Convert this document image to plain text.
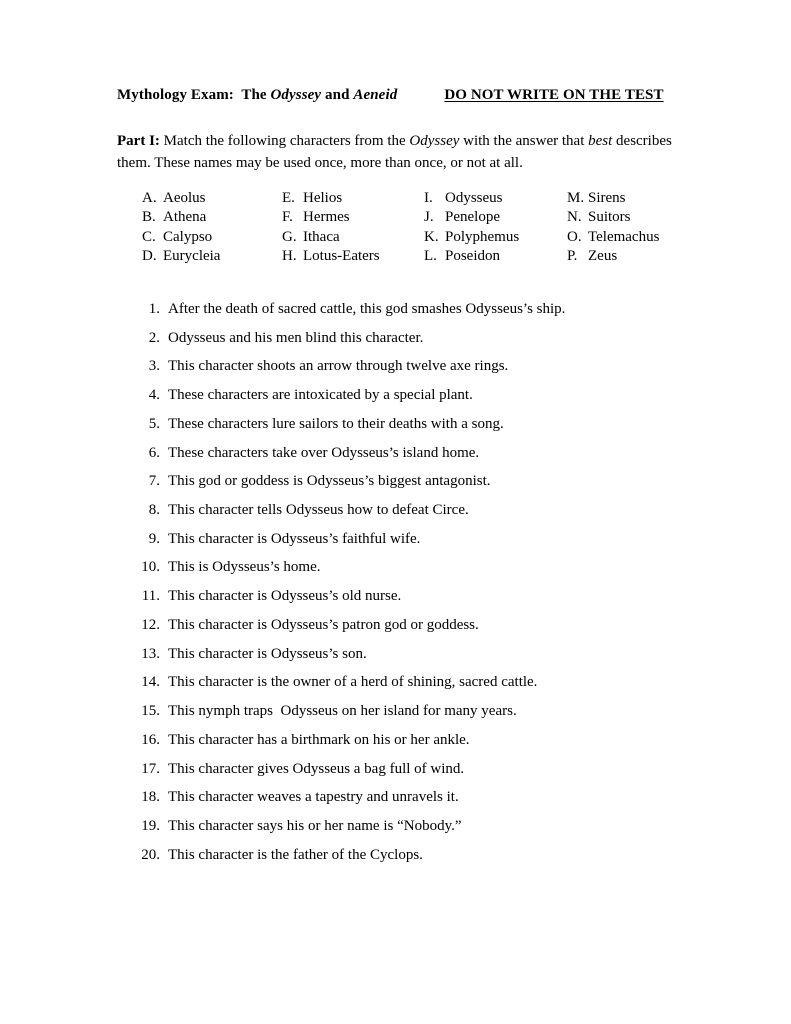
Mythology Exam:  The Odyssey and Aeneid	DO NOT WRITE ON THE TEST
Part I: Match the following characters from the Odyssey with the answer that best describes them. These names may be used once, more than once, or not at all.
A. Aeolus
B. Athena
C. Calypso
D. Eurycleia
E. Helios
F. Hermes
G. Ithaca
H. Lotus-Eaters
I. Odysseus
J. Penelope
K. Polyphemus
L. Poseidon
M. Sirens
N. Suitors
O. Telemachus
P. Zeus
1. After the death of sacred cattle, this god smashes Odysseus’s ship.
2. Odysseus and his men blind this character.
3. This character shoots an arrow through twelve axe rings.
4. These characters are intoxicated by a special plant.
5. These characters lure sailors to their deaths with a song.
6. These characters take over Odysseus’s island home.
7. This god or goddess is Odysseus’s biggest antagonist.
8. This character tells Odysseus how to defeat Circe.
9. This character is Odysseus’s faithful wife.
10. This is Odysseus’s home.
11. This character is Odysseus’s old nurse.
12. This character is Odysseus’s patron god or goddess.
13. This character is Odysseus’s son.
14. This character is the owner of a herd of shining, sacred cattle.
15. This nymph traps  Odysseus on her island for many years.
16. This character has a birthmark on his or her ankle.
17. This character gives Odysseus a bag full of wind.
18. This character weaves a tapestry and unravels it.
19. This character says his or her name is “Nobody.”
20. This character is the father of the Cyclops.
